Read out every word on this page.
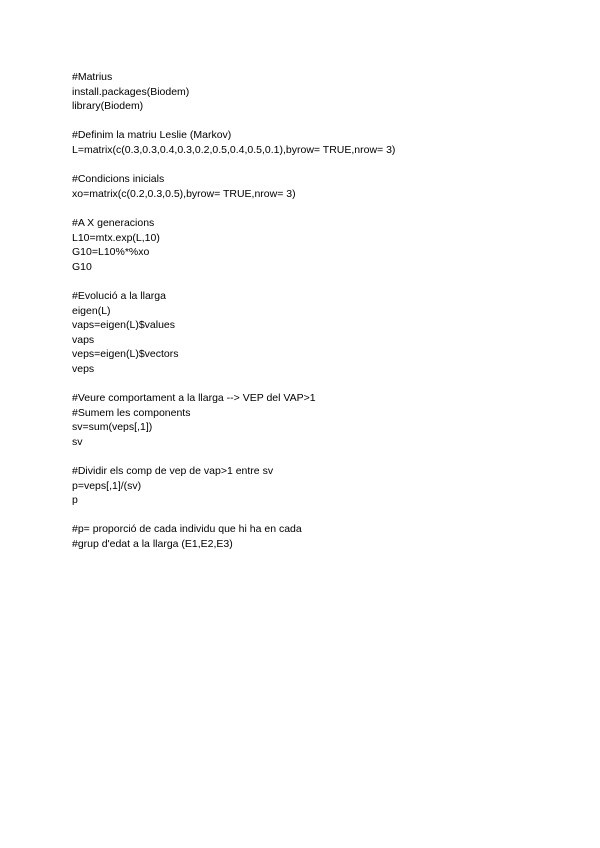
#Matrius
install.packages(Biodem)
library(Biodem)
#Definim la matriu Leslie (Markov)
L=matrix(c(0.3,0.3,0.4,0.3,0.2,0.5,0.4,0.5,0.1),byrow= TRUE,nrow= 3)
#Condicions inicials
xo=matrix(c(0.2,0.3,0.5),byrow= TRUE,nrow= 3)
#A X generacions
L10=mtx.exp(L,10)
G10=L10%*%xo
G10
#Evolució a la llarga
eigen(L)
vaps=eigen(L)$values
vaps
veps=eigen(L)$vectors
veps
#Veure comportament a la llarga --> VEP del VAP>1
#Sumem les components
sv=sum(veps[,1])
sv
#Dividir els comp de vep de vap>1 entre sv
p=veps[,1]/(sv)
p
#p= proporció de cada individu que hi ha en cada
#grup d'edat a la llarga (E1,E2,E3)
